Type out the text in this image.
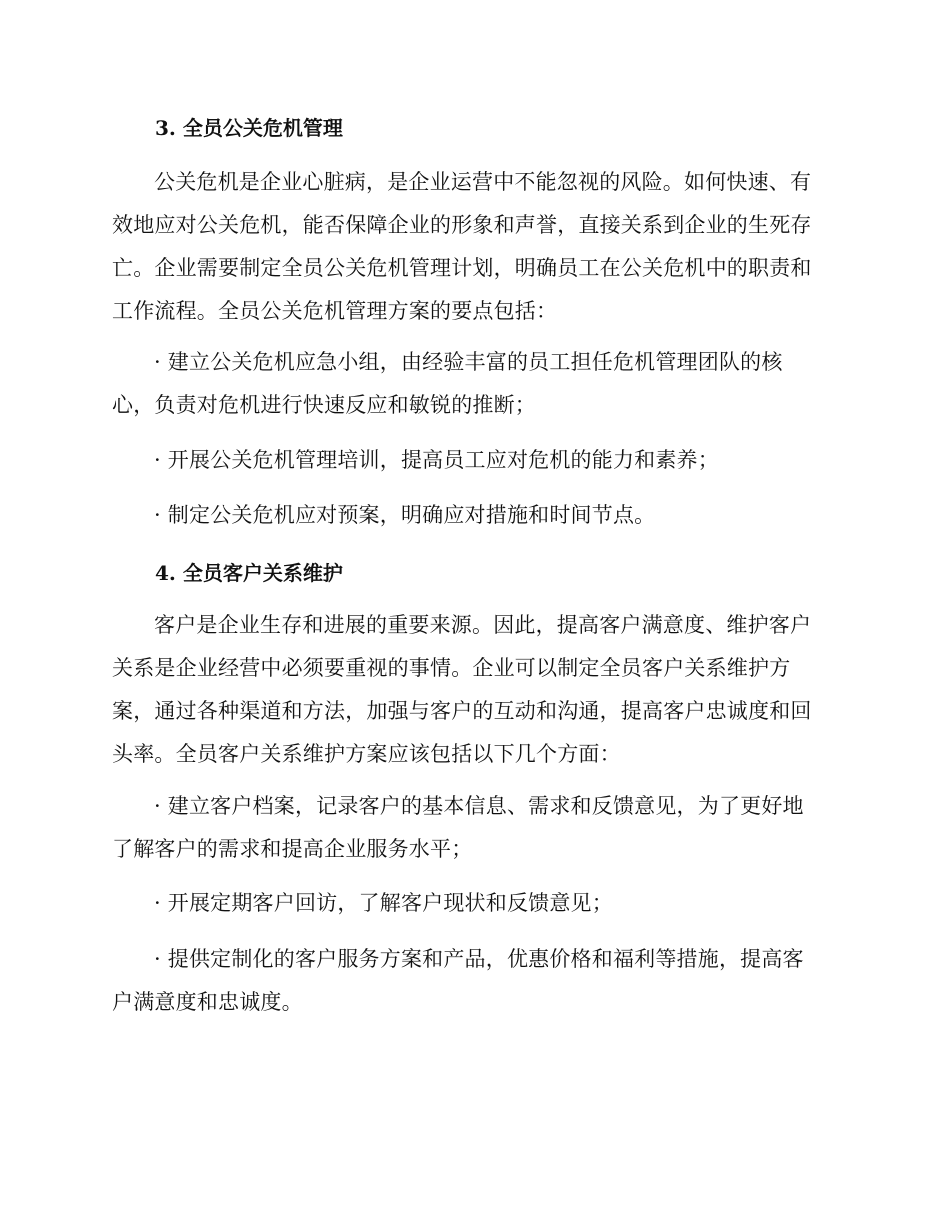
3. 全员公关危机管理

公关危机是企业心脏病，是企业运营中不能忽视的风险。如何快速、有
效地应对公关危机，能否保障企业的形象和声誉，直接关系到企业的生死存
亡。企业需要制定全员公关危机管理计划，明确员工在公关危机中的职责和
工作流程。全员公关危机管理方案的要点包括：

· 建立公关危机应急小组，由经验丰富的员工担任危机管理团队的核
心，负责对危机进行快速反应和敏锐的推断；

· 开展公关危机管理培训，提高员工应对危机的能力和素养；

· 制定公关危机应对预案，明确应对措施和时间节点。

4. 全员客户关系维护

客户是企业生存和进展的重要来源。因此，提高客户满意度、维护客户
关系是企业经营中必须要重视的事情。企业可以制定全员客户关系维护方
案，通过各种渠道和方法，加强与客户的互动和沟通，提高客户忠诚度和回
头率。全员客户关系维护方案应该包括以下几个方面：

· 建立客户档案，记录客户的基本信息、需求和反馈意见，为了更好地
了解客户的需求和提高企业服务水平；

· 开展定期客户回访，了解客户现状和反馈意见；

· 提供定制化的客户服务方案和产品，优惠价格和福利等措施，提高客
户满意度和忠诚度。
